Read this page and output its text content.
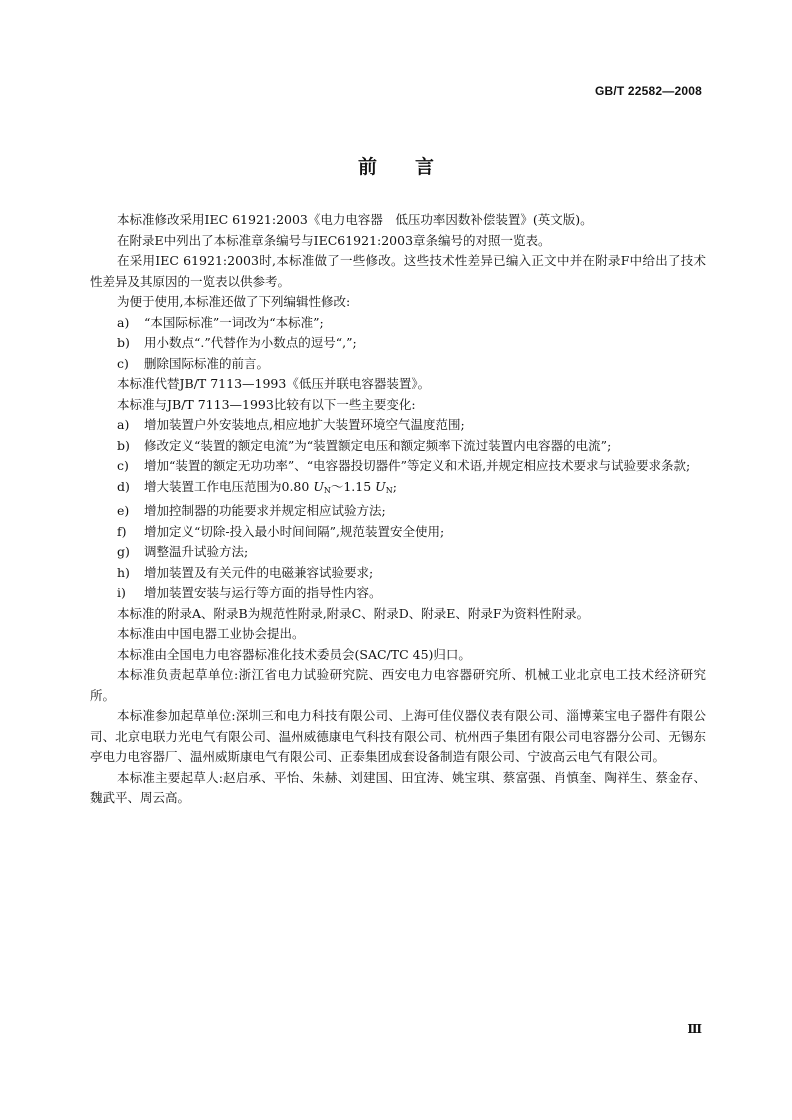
GB/T 22582—2008
前言

本标准修改采用IEC 61921:2003《电力电容器　低压功率因数补偿装置》(英文版)。

在附录E中列出了本标准章条编号与IEC61921:2003章条编号的对照一览表。

在采用IEC 61921:2003时,本标准做了一些修改。这些技术性差异已编入正文中并在附录F中给出了技术性差异及其原因的一览表以供参考。

为便于使用,本标准还做了下列编辑性修改:

a) “本国际标准”一词改为“本标准”;

b) 用小数点“.”代替作为小数点的逗号“,”;

c) 删除国际标准的前言。

本标准代替JB/T 7113—1993《低压并联电容器装置》。

本标准与JB/T 7113—1993比较有以下一些主要变化:

a) 增加装置户外安装地点,相应地扩大装置环境空气温度范围;

b) 修改定义“装置的额定电流”为“装置额定电压和额定频率下流过装置内电容器的电流”;

c) 增加“装置的额定无功功率”、“电容器投切器件”等定义和术语,并规定相应技术要求与试验要求条款;

d) 增大装置工作电压范围为0.80 $U_N\sim 1.15$ $U_N$;

e) 增加控制器的功能要求并规定相应试验方法;

f) 增加定义“切除-投入最小时间间隔”,规范装置安全使用;

g) 调整温升试验方法;

h) 增加装置及有关元件的电磁兼容试验要求;

i) 增加装置安装与运行等方面的指导性内容。

本标准的附录A、附录B为规范性附录,附录C、附录D、附录E、附录F为资料性附录。

本标准由中国电器工业协会提出。

本标准由全国电力电容器标准化技术委员会(SAC/TC 45)归口。

本标准负责起草单位:浙江省电力试验研究院、西安电力电容器研究所、机械工业北京电工技术经济研究所。

本标准参加起草单位:深圳三和电力科技有限公司、上海可佳仪器仪表有限公司、淄博莱宝电子器件有限公司、北京电联力光电气有限公司、温州威德康电气科技有限公司、杭州西子集团有限公司电容器分公司、无锡东亭电力电容器厂、温州威斯康电气有限公司、正泰集团成套设备制造有限公司、宁波高云电气有限公司。

本标准主要起草人:赵启承、平怡、朱赫、刘建国、田宜涛、姚宝琪、蔡富强、肖慎奎、陶祥生、蔡金存、魏武平、周云高。

Ⅲ
